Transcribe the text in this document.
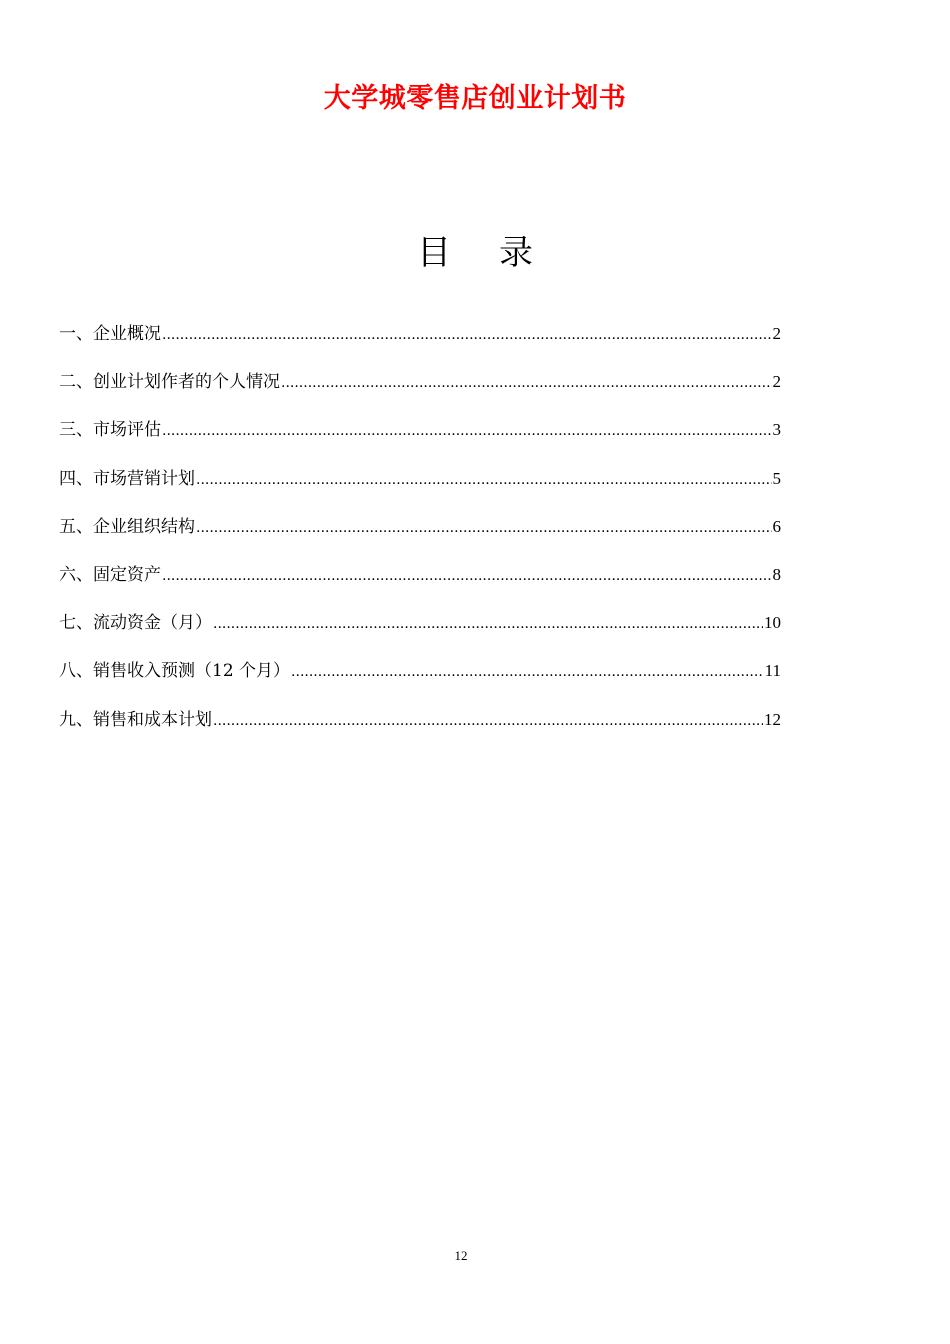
大学城零售店创业计划书
目 录
一、企业概况 .....	2
二、创业计划作者的个人情况 .....	2
三、市场评估 .....	3
四、市场营销计划 .....	5
五、企业组织结构 .....	6
六、固定资产 .....	8
七、流动资金（月） .....	10
八、销售收入预测（12 个月） .....	11
九、销售和成本计划 .....	12
12
